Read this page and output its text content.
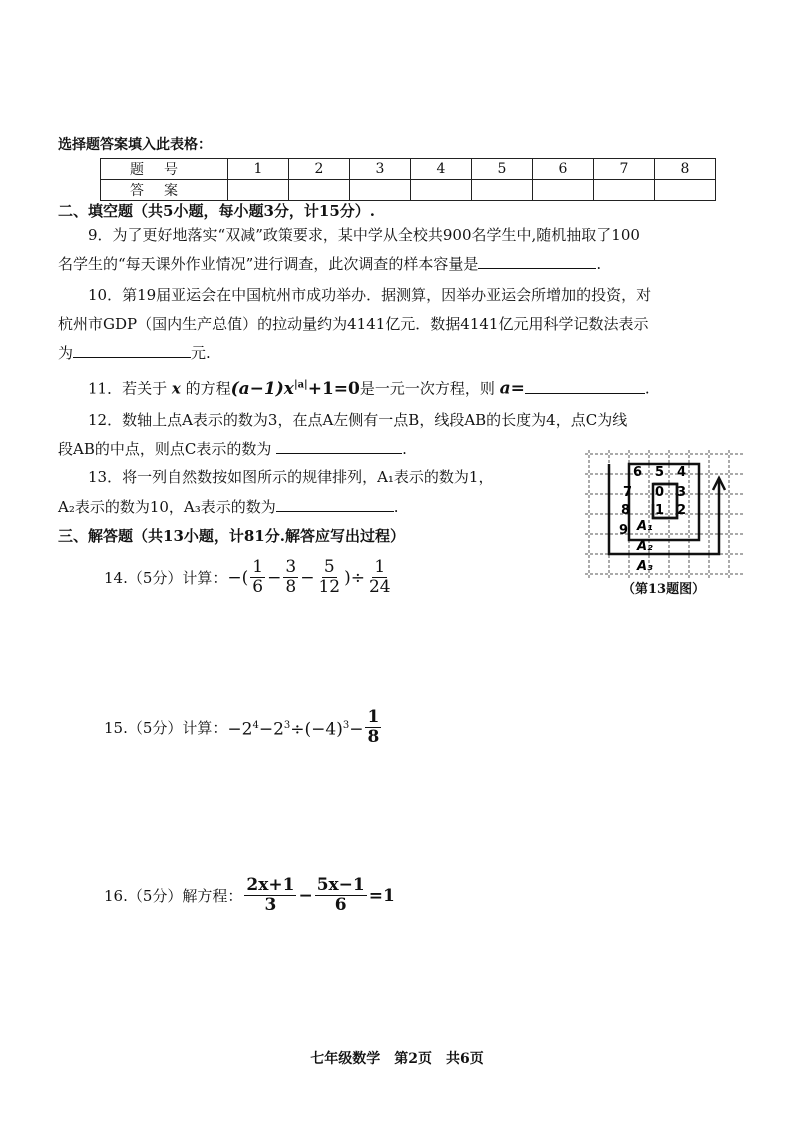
选择题答案填入此表格：
题号	1	2	3	4	5	6	7	8
答案								
二、填空题（共5小题，每小题3分，计15分）.
9．为了更好地落实“双减”政策要求，某中学从全校共900名学生中,随机抽取了100
名学生的“每天课外作业情况”进行调查，此次调查的样本容量是	.
10．第19届亚运会在中国杭州市成功举办．据测算，因举办亚运会所增加的投资，对
杭州市GDP（国内生产总值）的拉动量约为4141亿元．数据4141亿元用科学记数法表示
为	元.
11．若关于 x 的方程$(a-1)x^{|a|}+1=0$是一元一次方程，则 a=	.
12．数轴上点A表示的数为3，在点A左侧有一点B，线段AB的长度为4，点C为线
段AB的中点，则点C表示的数为	.
13．将一列自然数按如图所示的规律排列，A₁表示的数为1，
A₂表示的数为10，A₃表示的数为	.
6 5 4
7 0 3
8 1 2
9 A₁
A₂
A₃
（第13题图）
三、解答题（共13小题，计81分.解答应写出过程）
14.（5分）计算： −( $\frac{1}{6} - \frac{3}{8} - \frac{5}{12}$ )÷ $\frac{1}{24}$
15.（5分）计算： $-2^4-2^3\div(-4)^3- \frac{1}{8}$
16.（5分）解方程： $\frac{2x+1}{3} - \frac{5x-1}{6} =1$
七年级数学　第2页　共6页
